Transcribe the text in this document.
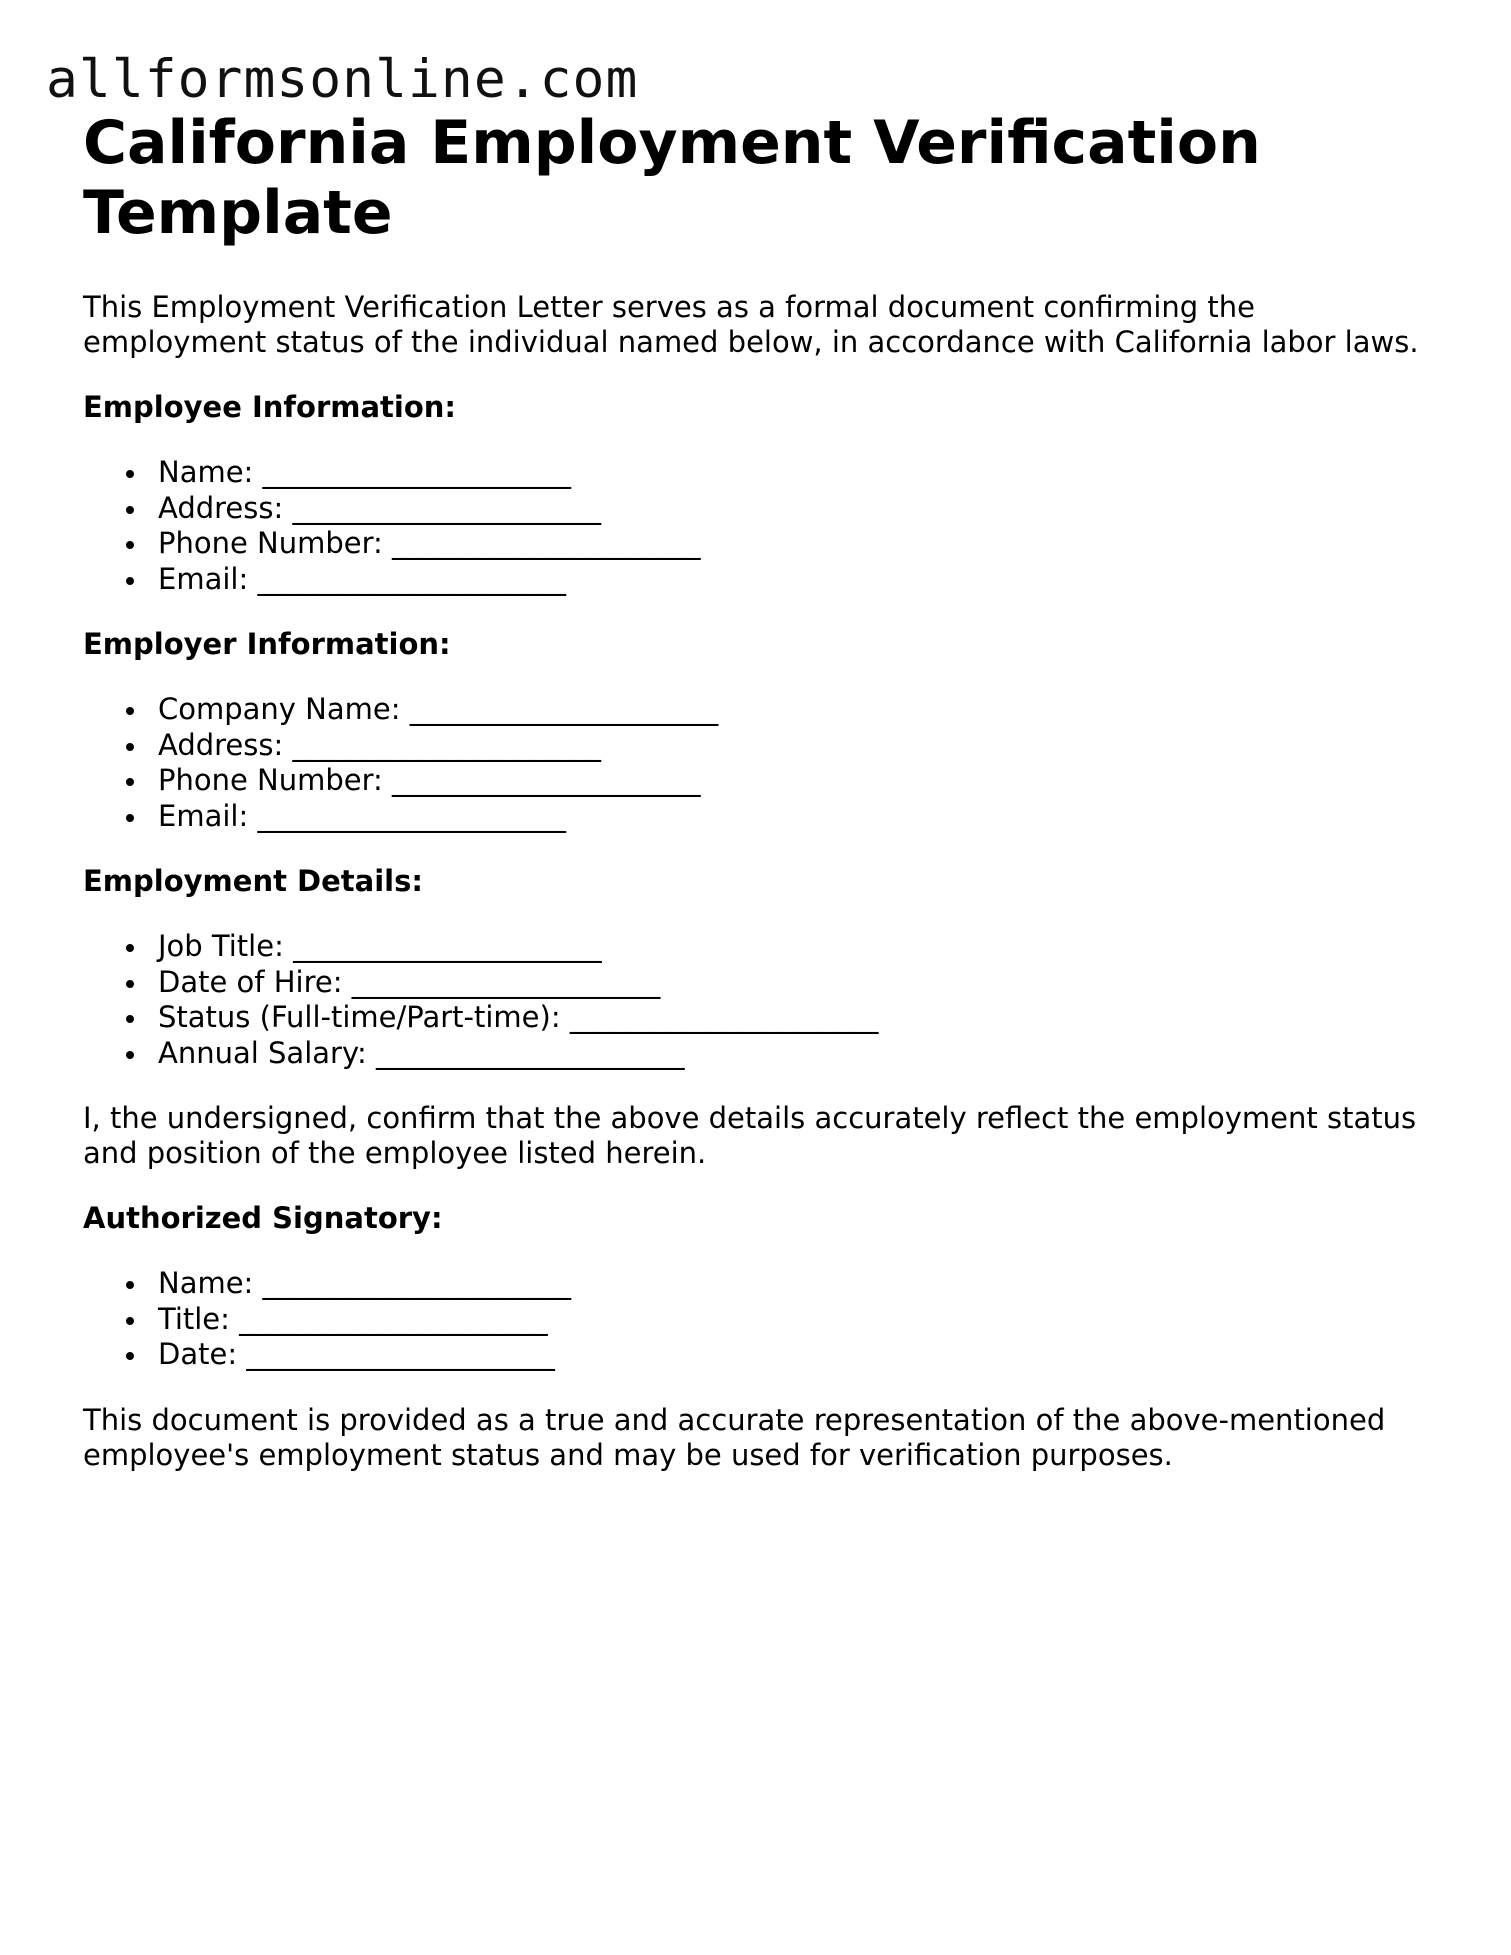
allformsonline.com
California Employment Verification Template

This Employment Verification Letter serves as a formal document confirming the employment status of the individual named below, in accordance with California labor laws.

Employee Information:
Name: ______________________
Address: ______________________
Phone Number: ______________________
Email: ______________________
Employer Information:
Company Name: ______________________
Address: ______________________
Phone Number: ______________________
Email: ______________________
Employment Details:
Job Title: ______________________
Date of Hire: ______________________
Status (Full-time/Part-time): ______________________
Annual Salary: ______________________

I, the undersigned, confirm that the above details accurately reflect the employment status and position of the employee listed herein.

Authorized Signatory:
Name: ______________________
Title: ______________________
Date: ______________________

This document is provided as a true and accurate representation of the above-mentioned employee's employment status and may be used for verification purposes.
